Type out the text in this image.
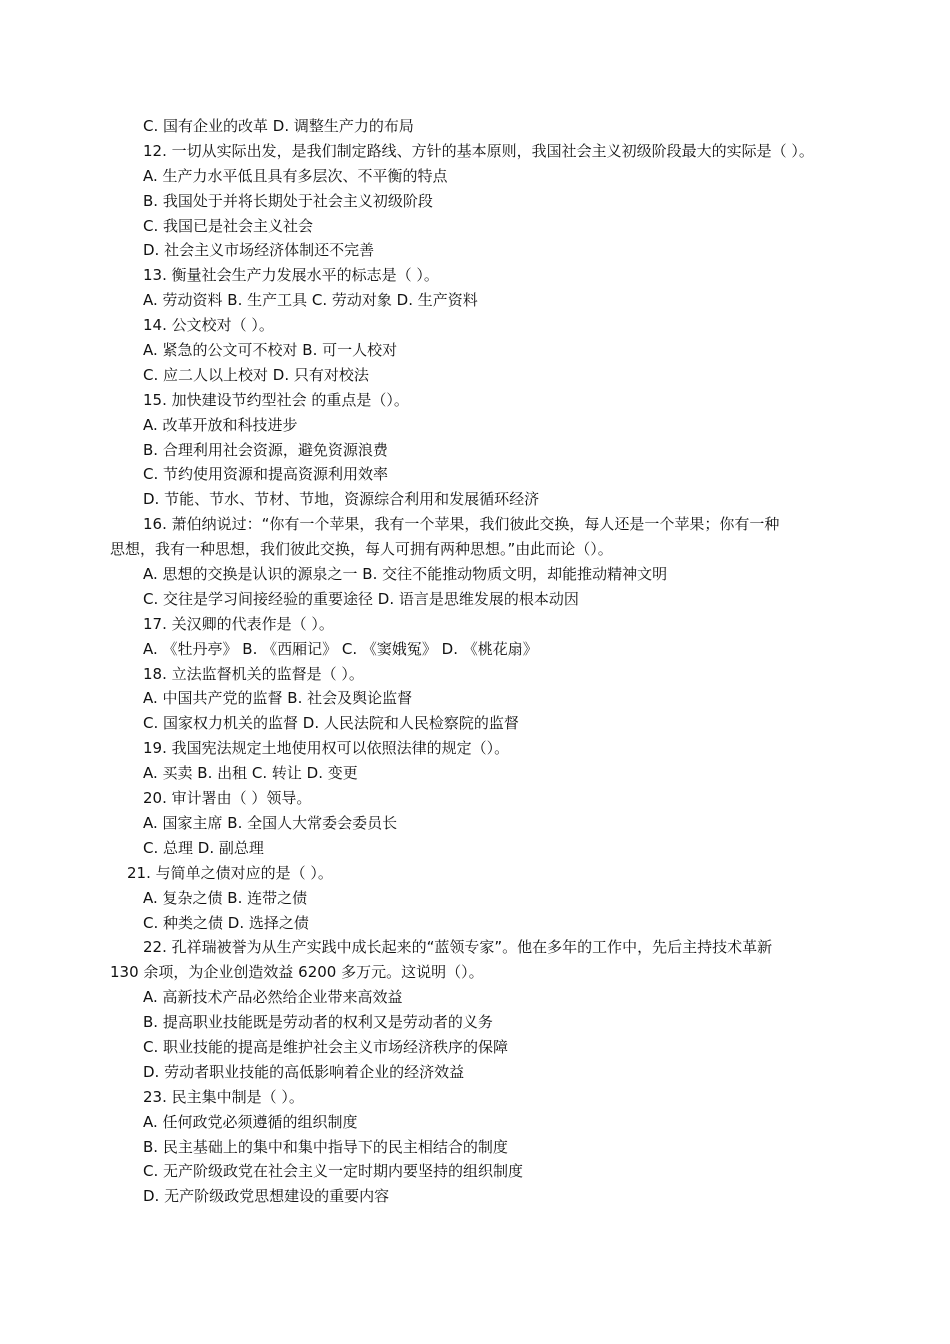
C. 国有企业的改革 D. 调整生产力的布局
12. 一切从实际出发，是我们制定路线、方针的基本原则，我国社会主义初级阶段最大的实际是（ ）。
A. 生产力水平低且具有多层次、不平衡的特点
B. 我国处于并将长期处于社会主义初级阶段
C. 我国已是社会主义社会
D. 社会主义市场经济体制还不完善
13. 衡量社会生产力发展水平的标志是（ ）。
A. 劳动资料 B. 生产工具 C. 劳动对象 D. 生产资料
14. 公文校对（ ）。
A. 紧急的公文可不校对 B. 可一人校对
C. 应二人以上校对 D. 只有对校法
15. 加快建设节约型社会 的重点是（）。
A. 改革开放和科技进步
B. 合理利用社会资源，避免资源浪费
C. 节约使用资源和提高资源利用效率
D. 节能、节水、节材、节地，资源综合利用和发展循环经济
16. 萧伯纳说过：“你有一个苹果，我有一个苹果，我们彼此交换，每人还是一个苹果；你有一种
思想，我有一种思想，我们彼此交换，每人可拥有两种思想。”由此而论（）。
A. 思想的交换是认识的源泉之一 B. 交往不能推动物质文明，却能推动精神文明
C. 交往是学习间接经验的重要途径 D. 语言是思维发展的根本动因
17. 关汉卿的代表作是（ ）。
A. 《牡丹亭》 B. 《西厢记》 C. 《窦娥冤》 D. 《桃花扇》
18. 立法监督机关的监督是（ ）。
A. 中国共产党的监督 B. 社会及舆论监督
C. 国家权力机关的监督 D. 人民法院和人民检察院的监督
19. 我国宪法规定土地使用权可以依照法律的规定（）。
A. 买卖 B. 出租 C. 转让 D. 变更
20. 审计署由（ ）领导。
A. 国家主席 B. 全国人大常委会委员长
C. 总理 D. 副总理
21. 与简单之债对应的是（ ）。
A. 复杂之债 B. 连带之债
C. 种类之债 D. 选择之债
22. 孔祥瑞被誉为从生产实践中成长起来的“蓝领专家”。他在多年的工作中，先后主持技术革新
130 余项，为企业创造效益 6200 多万元。这说明（）。
A. 高新技术产品必然给企业带来高效益
B. 提高职业技能既是劳动者的权利又是劳动者的义务
C. 职业技能的提高是维护社会主义市场经济秩序的保障
D. 劳动者职业技能的高低影响着企业的经济效益
23. 民主集中制是（ ）。
A. 任何政党必须遵循的组织制度
B. 民主基础上的集中和集中指导下的民主相结合的制度
C. 无产阶级政党在社会主义一定时期内要坚持的组织制度
D. 无产阶级政党思想建设的重要内容
